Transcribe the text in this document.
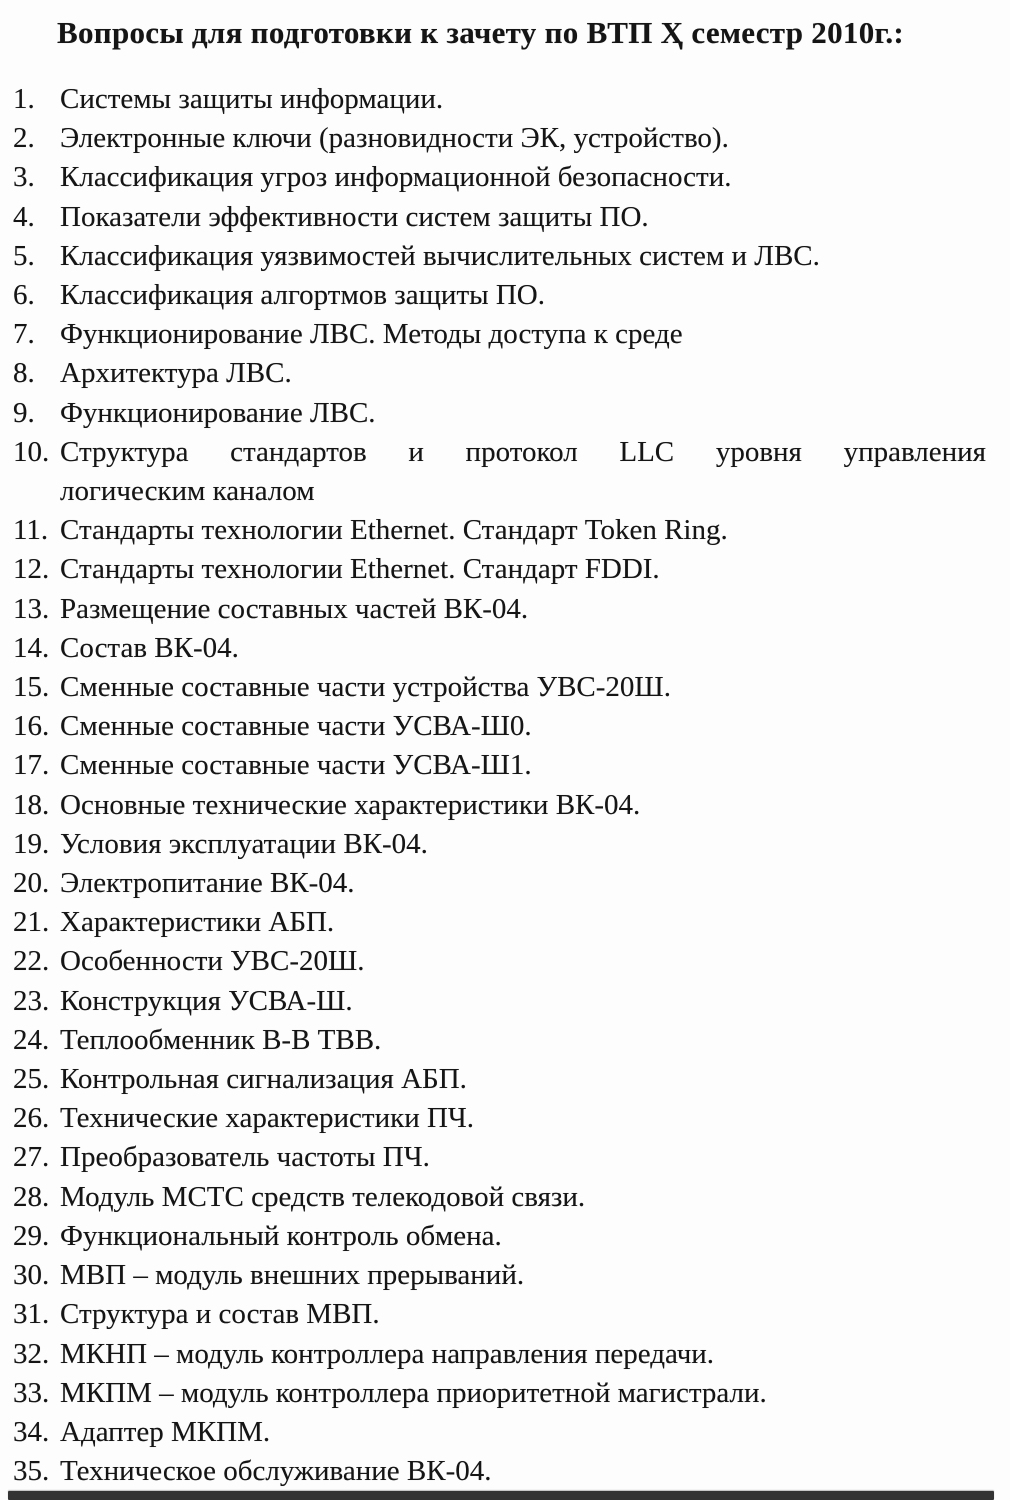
Вопросы для подготовки к зачету по ВТП Ҳ семестр 2010г.:
1. Системы защиты информации.
2. Электронные ключи (разновидности ЭК, устройство).
3. Классификация угроз информационной безопасности.
4. Показатели эффективности систем защиты ПО.
5. Классификация уязвимостей вычислительных систем и ЛВС.
6. Классификация алгортмов защиты ПО.
7. Функционирование ЛВС. Методы доступа к среде
8. Архитектура ЛВС.
9. Функционирование ЛВС.
10. Структура стандартов и протокол LLC уровня управления
логическим каналом
11. Стандарты технологии Ethernet. Стандарт Token Ring.
12. Стандарты технологии Ethernet. Стандарт FDDI.
13. Размещение составных частей ВК-04.
14. Состав ВК-04.
15. Сменные составные части устройства УВС-20Ш.
16. Сменные составные части УСВА-Ш0.
17. Сменные составные части УСВА-Ш1.
18. Основные технические характеристики ВК-04.
19. Условия эксплуатации ВК-04.
20. Электропитание ВК-04.
21. Характеристики АБП.
22. Особенности УВС-20Ш.
23. Конструкция УСВА-Ш.
24. Теплообменник В-В ТВВ.
25. Контрольная сигнализация АБП.
26. Технические характеристики ПЧ.
27. Преобразователь частоты ПЧ.
28. Модуль МСТС средств телекодовой связи.
29. Функциональный контроль обмена.
30. МВП – модуль внешних прерываний.
31. Структура и состав МВП.
32. МКНП – модуль контроллера направления передачи.
33. МКПМ – модуль контроллера приоритетной магистрали.
34. Адаптер МКПМ.
35. Техническое обслуживание ВК-04.
